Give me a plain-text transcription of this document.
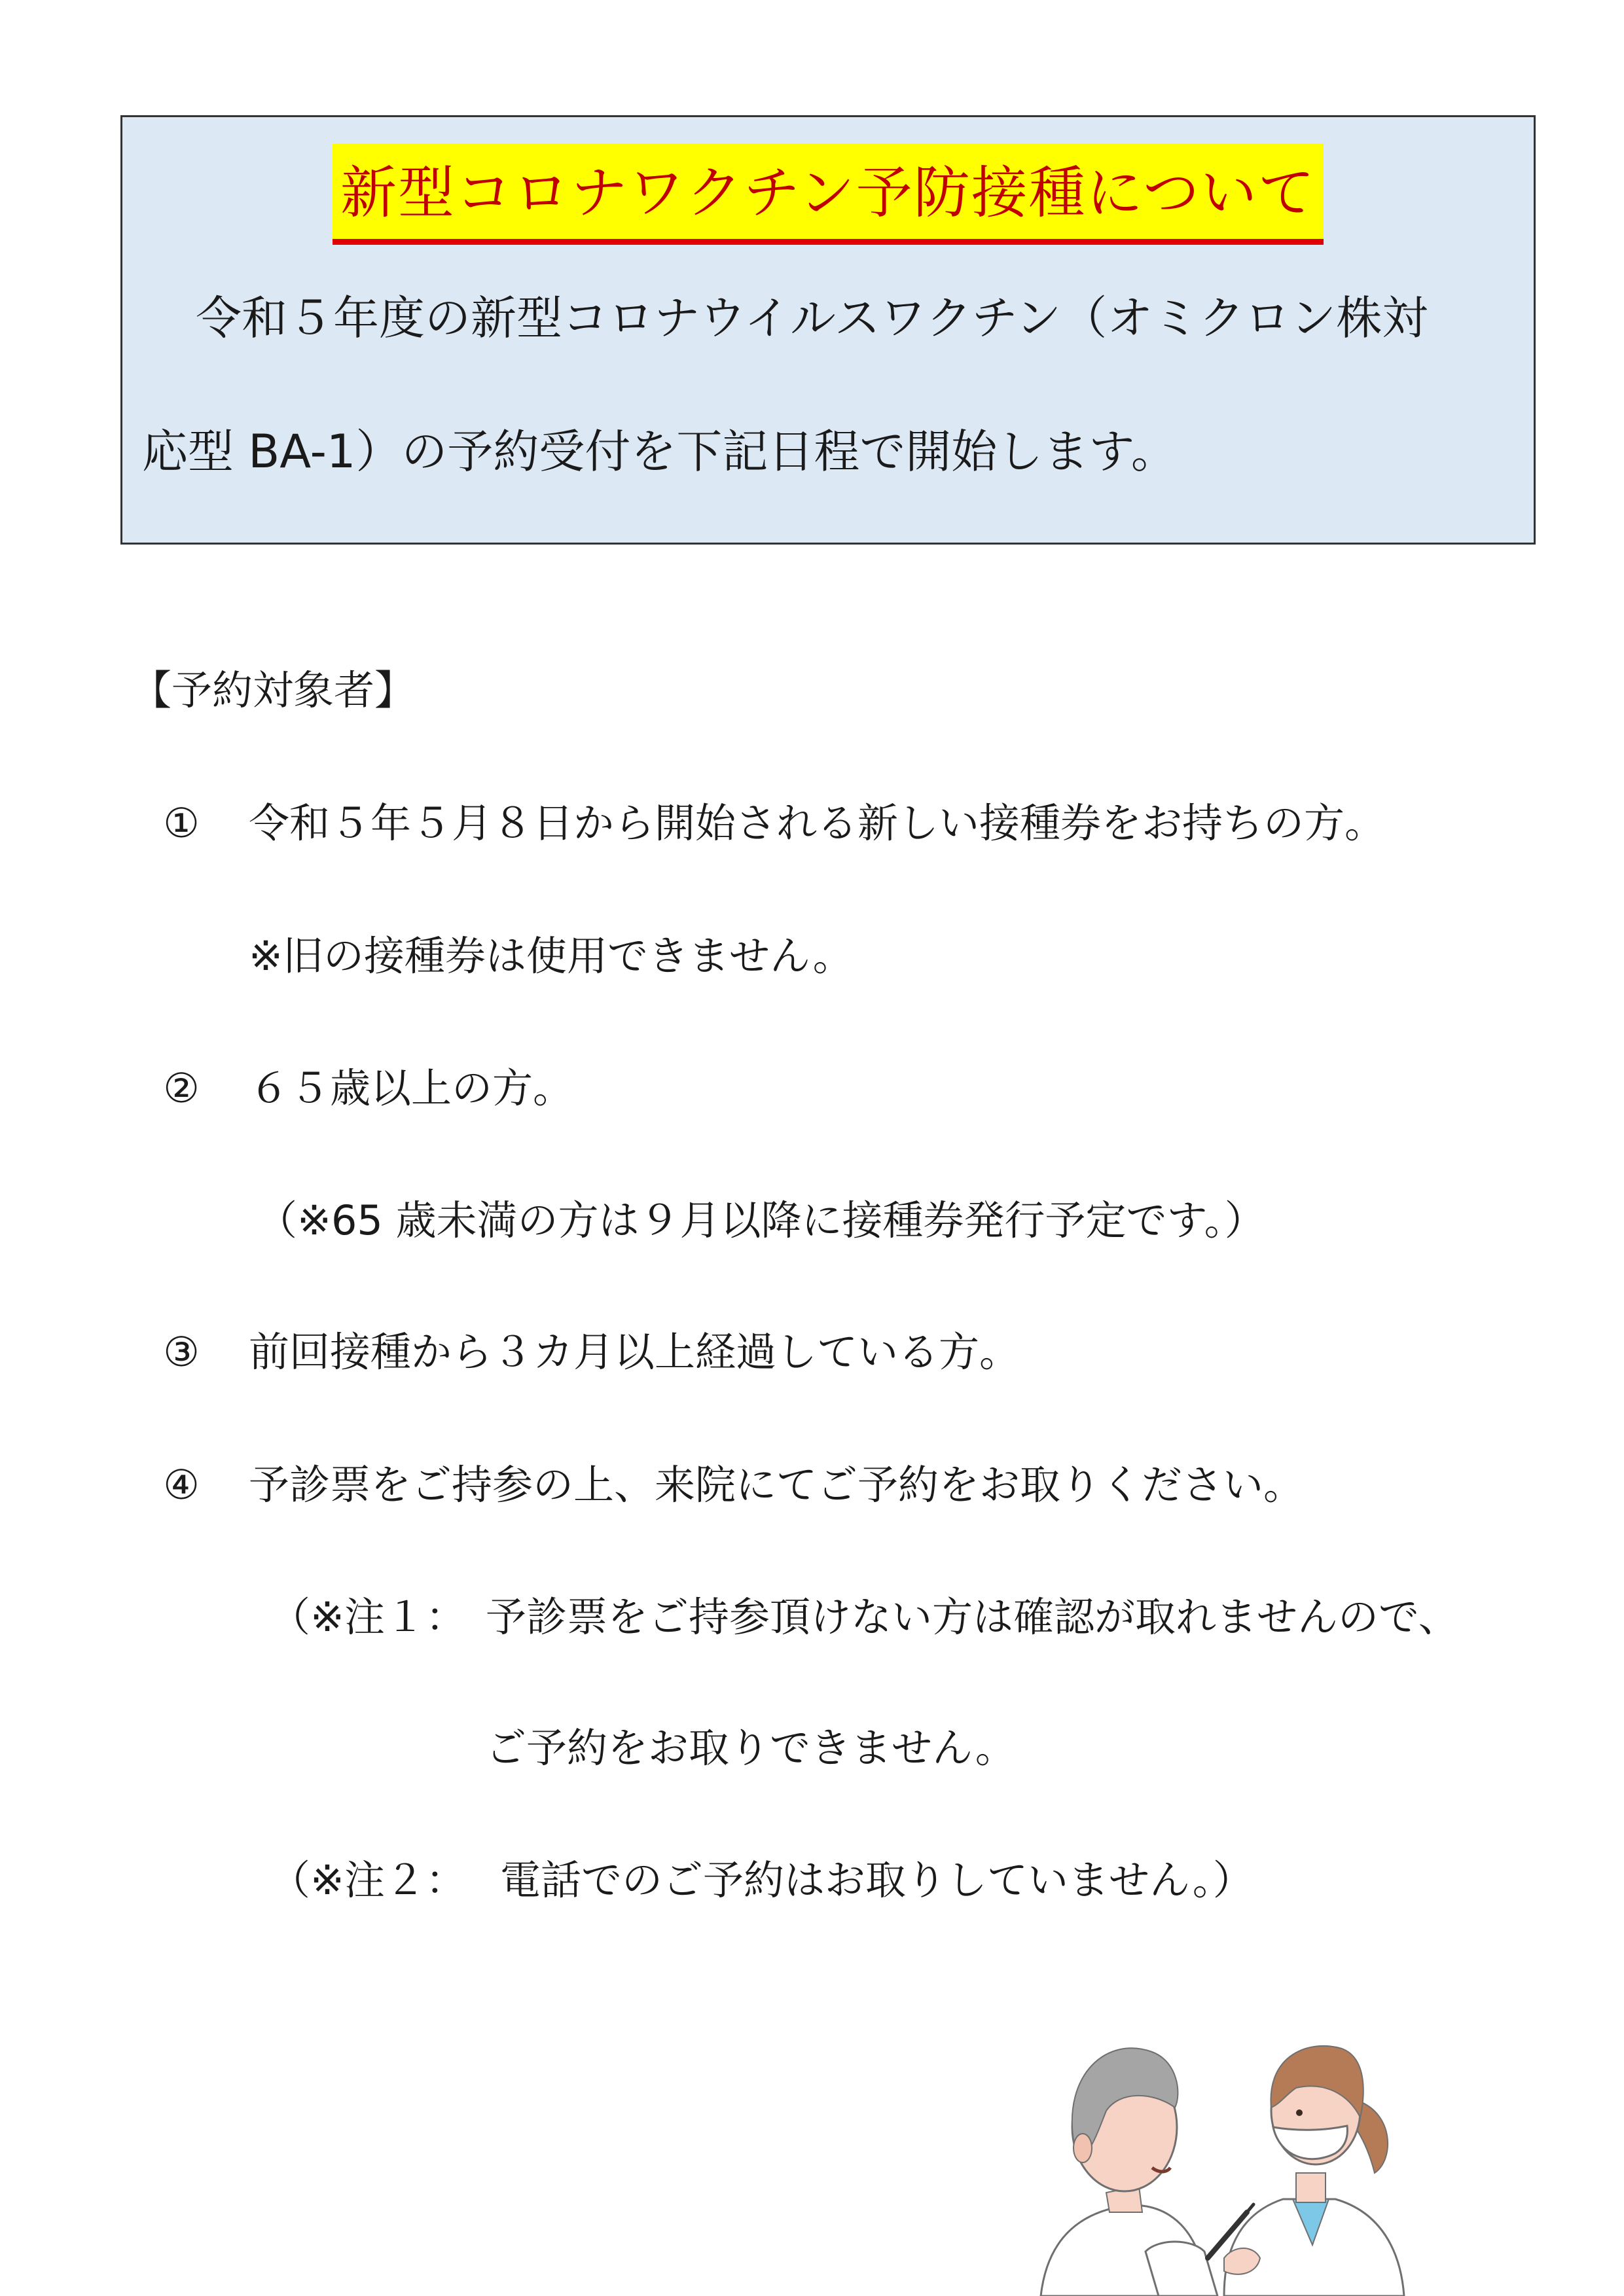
新型コロナワクチン予防接種について
令和５年度の新型コロナウイルスワクチン（オミクロン株対
応型 BA-1）の予約受付を下記日程で開始します。
【予約対象者】
① 令和５年５月８日から開始される新しい接種券をお持ちの方。
※旧の接種券は使用できません。
② ６５歳以上の方。
（※65 歳未満の方は９月以降に接種券発行予定です。）
③ 前回接種から３カ月以上経過している方。
④ 予診票をご持参の上、来院にてご予約をお取りください。
（※注１： 予診票をご持参頂けない方は確認が取れませんので、
ご予約をお取りできません。
（※注２： 電話でのご予約はお取りしていません。）
